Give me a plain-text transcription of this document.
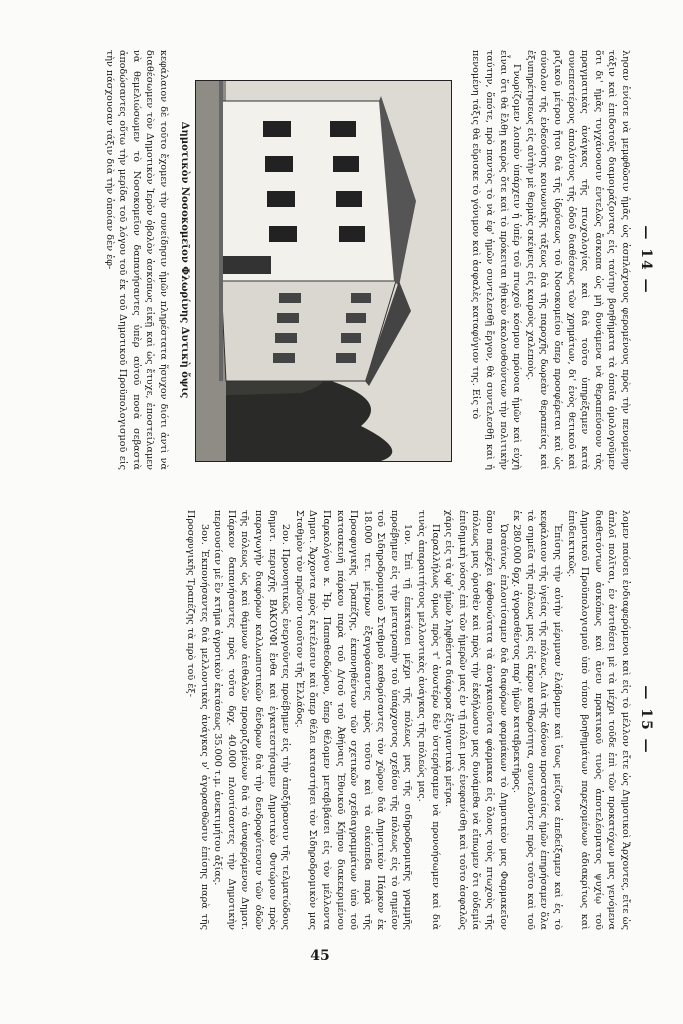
— 14 —

λησαν ἐνίοτε νὰ μεμφθῶσιν ἡμᾶς ὡς ἀσπλάχνους φερομένους πρὸς τὴν πενομένην τάξιν καὶ ἐπιδοτοῦς διαμοιράζοντας εἰς ταύτην βοηθήματα τὰ ὁποῖα ὁμολογοῦμεν ὅτι δι' ἡμᾶς τυγχάνουσιν ἐντελῶς ἄσκοπα ὡς μὴ δυνάμενα νὰ θεραπεύσουν τὰς πραγματικὰς ἀνάγκας τῆς πτωχολογίας καὶ διὰ τοῦτο ὑπηρέξαμεν κατὰ συνεπεστέρους ἀπολύτους τῆς ὁδοῦ διαθέσεως τῶν χρημάτων, δι' ἑνὸς θετικοῦ καὶ ριζικοῦ μέτρου ἤτοι διὰ τῆς ἱδρύσεως τοῦ Νοσοκομείου ὅπερ προσφέρεται καὶ ὡς σύνολον τῆς ἐνδεούσης κοινωνικῆς τάξεως διὰ τῆς παροχῆς δωρεὰν θεραπείας καὶ ἐξυπηρέτησεως εἰς αὐτὴν μὲ θερμὰς σκέψεις εἰς καιροὺς χαλεποὺς.

Γνωρίζομεν λοιπὸν ὑπάρχειν ἡ ὑπὲρ τοῦ πτωχοῦ κόσμου πρόνοια ἡμῶν καὶ εὐχὴ εἶναι ὅτι θὰ ἔλθῃ καιρὸς ὅτε καὶ τὸ πρόκειται ἠθικὸν ἀκολουθούντων τὴν πολιτικὴν ταύτην, ὅπότε, πρὸ παντὸς τὸ νὰ ἐφ' ἡμῶν συντελεσθῇ ἔργον, θὰ συντελεσθῇ καὶ ἡ πενομένη τάξις θὰ εὕρισκε τὸ γόνιμον καὶ ἀσφαλὲς καταφύγιον της. Εἰς τὸ

Δημοτικὸν Νοσοκομεῖον Φλωρίνης Δυτικὴ ὄψις

κεφάλαιον δὲ τοῦτο ἔχομεν τὴν συνείδησιν ἡμῶν πληρέστατα ἥσυχον διότι ἀντὶ νὰ διαθέσωμεν τὸν Δημοτικὸν Ἰερὸν ὀβολὸν ἀσκόπως εἰκῇ καὶ ὡς ἔτυχε, ἐποστείλαμεν νὰ θεμελιώσωμεν τὸ Νοσοκομεῖον δαπανήσαντες ὑπὲρ αὐτοῦ ποσὰ σεβαστὰ ἀποδώσαντες οὕτω τὴν μερίδα τοῦ λόγου τοῦ ἐκ τοῦ Δημοτικοῦ Προϋπολογισμοῦ εἰς τὴν πάσχουσαν τάξιν διὰ τὴν ὁποίαν δὲν ἐφ-

— 15 —

λομεν παύσει ἐνδιαφερόμενοι καὶ εἰς τὸ μέλλον εἴτε ὡς Δημοτικοὶ Ἄρχοντες, εἴτε ὡς ἁπλοῖ πολῖται, ἐν ἀντιθέσει μὲ τὰ μέχρι τοῦδε ἐπὶ τῶν προκατόχων μας γενόμενα διαθετόντων ἀσκόπως καὶ ἄνευ πρακτικοῦ τινὸς ἀποτελέσματος ψυχίῳ τοῦ Δημοτικοῦ Προϋπολογισμοῦ ὑπὸ τύπον βοηθημάτων παρεχομένων ἀδιακρίτως καὶ ἐπιδεικτικῶς.

Ἐπίσης τὴν αὐτὴν μέριμναν ἐλάβομεν καὶ ἴσως μείζονα ἐπεδείξαμεν καὶ ἐς τὸ κεφάλαιον τῆς ὑγείας τῆς πόλεως. Διὰ τῆς ἀδόνου προστασίας ἡμῶν ἐπηρήσαμεν ὅλα τὰ σημεῖα τῆς πόλεως μας εἰς ἄκρον καθαρότητα, συντελοῦντες πρὸς τοῦτο καὶ τοῦ ἐκ 280.000 δρχ. ἀγορασθέντος παρ' ἡμῶν καταβρεκτῆρος.

Ὡσαύτως ἐπλουτίσαμεν διὰ διαφόρων φαρμάκων τὸ Δημοτικὸν μας Φαρμακεῖον ὅπου παρέχει ἀφθονώτατα τὰ ἀναγκαιοῦντα φάρμακα εἰς ὅλους τοὺς πτωχοὺς τῆς πόλεως μας ὁρισθὲν καὶ πρὸς τὴν ἐκδήλωσιν μας δυνάμεθα νὰ εἴπωμεν ὅτι οὐδεμία ἐπιδημικὴ νόσος ἐπὶ τῶν ἡμερῶν μας ἐν τῇ πόλει μας ἐνεφανίσθη καὶ τοῦτο ἀσφαλῶς χάρις εἰς τὰ ὑφ' ἡμῶν ληφθέντα διάφορα ἐξυγιαντικὰ μέτρα.

Παραλλήλως ὅμως πρὸς τ' ἀνωτέρω δὲν ὑστερήσαμεν νὰ προνοήσωμεν καὶ διὰ τινὰς ἀπαραιτήτους μελλοντικὰς ἀνάγκας τῆς πόλεώς μας.

1ον. Ἐπὶ τῇ ἐπεκτάσει μέχρι τῆς πόλεως μας τῆς σιδηροδρομικῆς γραμμῆς προέβημεν εἰς τὴν μετατροπὴν τοῦ ὑπάρχοντος σχεδίου τῆς πόλεως εἰς τὸ σημεῖον τοῦ Σιδηροδρομικοῦ Σταθμοῦ καθορίσαντες τὸν χῶρον διὰ Δημοτικὸν Πάρκον ἐκ 18.000 τετ. μέτρων ἐξαγοράσαντες πρὸς τοῦτο καὶ τὰ οἰκόπεδα παρὰ τῆς Προσφυγικῆς Τραπέζης, ἐκπονηθέντων τῶν σχετικῶν σχεδιαγραμμάτων ὑπὸ τοῦ κατασκευῆ πάρκου παρὰ τοῦ Δ/τοῦ τοῦ Ἀθήναις Ἐθνικοῦ Κήπου διακεκριμένου Παρκολόγου κ. Ἠρ. Παπαθεοδώρου, ὅπερ θέλομεν μεταβιβάσει εἰς τὸν μέλλοντα Δημοτ. Ἄρχοντα πρὸς ἐκτέλεσιν καὶ ὅπερ θέλει καταστήσει τὸν Σιδηροδρομικὸν μας Σταθμὸν τὸν πρῶτον τοιοῦτον τῆς Ἑλλάδος.

2ον. Προνοητικῶς ἐνεργοῦντες προέβημεν εἰς τὴν ἀποξήρανσιν τῆς τελματώδους δημοτ. περιοχῆς ΒΑΚΟΥΦΙ ἔνθα καὶ ἐγκατεστήσαμεν Δημοτικὸν Φυτώριον πρὸς παραγωγὴν διαφόρων καλλωπιστικῶν δένδρων διὰ τὴν δενδροφύτευσιν τῶν ὁδῶν τῆς πόλεως ὡς καὶ θάμνων ἀειθαλῶν προοριζομένων διὰ τὸ ἀναφερόμενον Δημοτ. Πάρκον δαπανήσαντες πρὸς τοῦτο δρχ. 40.000 πλουτίσαντες τὴν Δημοτικὴν περιουσίαν μὲ ἓν κτῆμα ἀγροτικὸν ἐκτάσεως 35.000 τ.μ. ἀνεκτιμήτου ἀξίας.

3ον. Ἐκπονήσαντες διὰ μελλοντικὰς ἀνάγκας ν' ἀγορασθῶσιν ἐπίσης παρὰ τῆς Προσφυγικῆς Τραπέζης τὰ πρὸ τοῦ ἐξ-

45
